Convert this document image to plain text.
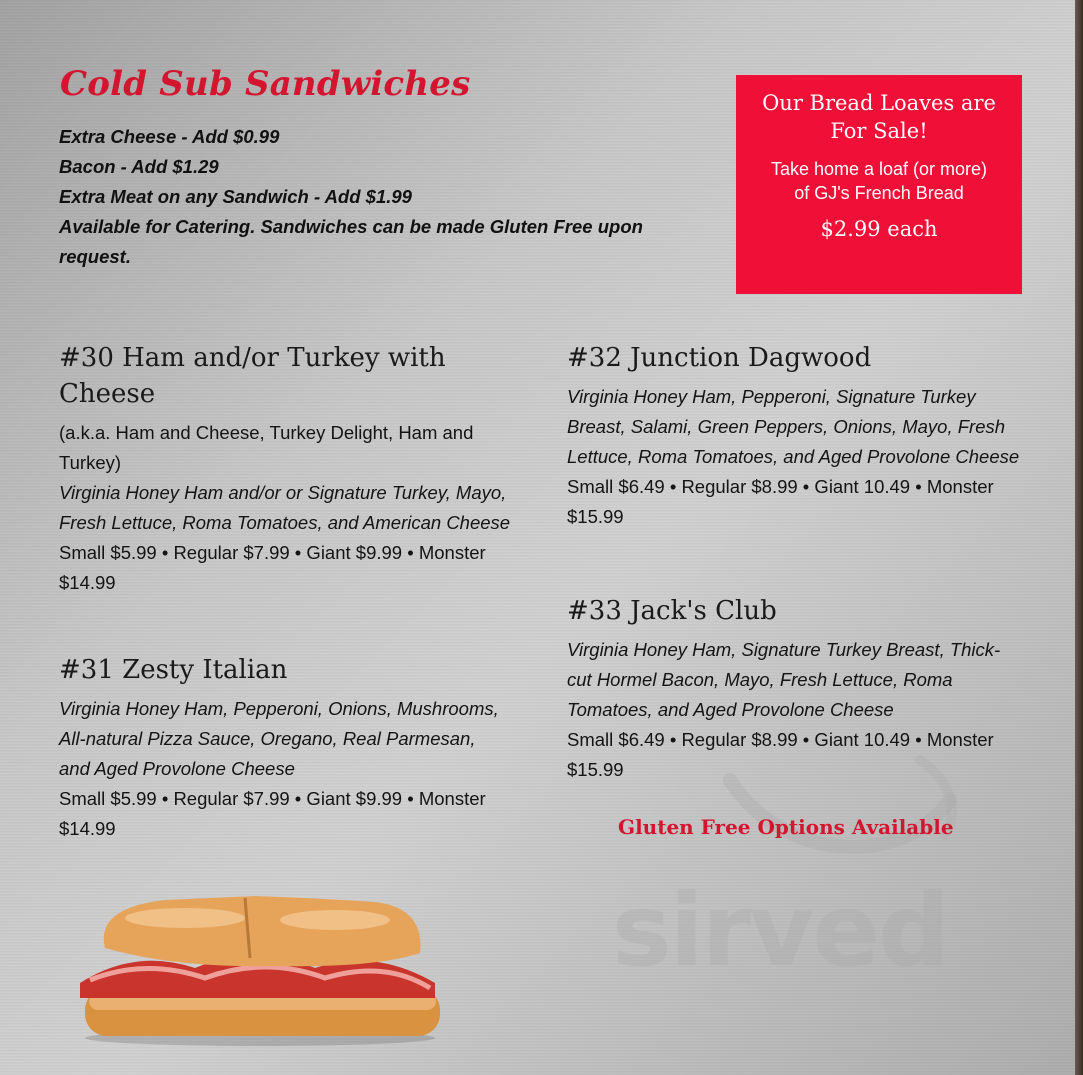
Cold Sub Sandwiches
Extra Cheese - Add $0.99
Bacon - Add $1.29
Extra Meat on any Sandwich - Add $1.99
Available for Catering. Sandwiches can be made Gluten Free upon request.
Our Bread Loaves are For Sale!
Take home a loaf (or more) of GJ's French Bread
$2.99 each
#30 Ham and/or Turkey with Cheese
(a.k.a. Ham and Cheese, Turkey Delight, Ham and Turkey)
Virginia Honey Ham and/or or Signature Turkey, Mayo, Fresh Lettuce, Roma Tomatoes, and American Cheese
Small $5.99 • Regular $7.99 • Giant $9.99 • Monster $14.99
#31 Zesty Italian
Virginia Honey Ham, Pepperoni, Onions, Mushrooms, All-natural Pizza Sauce, Oregano, Real Parmesan, and Aged Provolone Cheese
Small $5.99 • Regular $7.99 • Giant $9.99 • Monster $14.99
#32 Junction Dagwood
Virginia Honey Ham, Pepperoni, Signature Turkey Breast, Salami, Green Peppers, Onions, Mayo, Fresh Lettuce, Roma Tomatoes, and Aged Provolone Cheese
Small $6.49 • Regular $8.99 • Giant 10.49 • Monster $15.99
#33 Jack's Club
Virginia Honey Ham, Signature Turkey Breast, Thick-cut Hormel Bacon, Mayo, Fresh Lettuce, Roma Tomatoes, and Aged Provolone Cheese
Small $6.49 • Regular $8.99 • Giant 10.49 • Monster $15.99
sirved
Gluten Free Options Available
